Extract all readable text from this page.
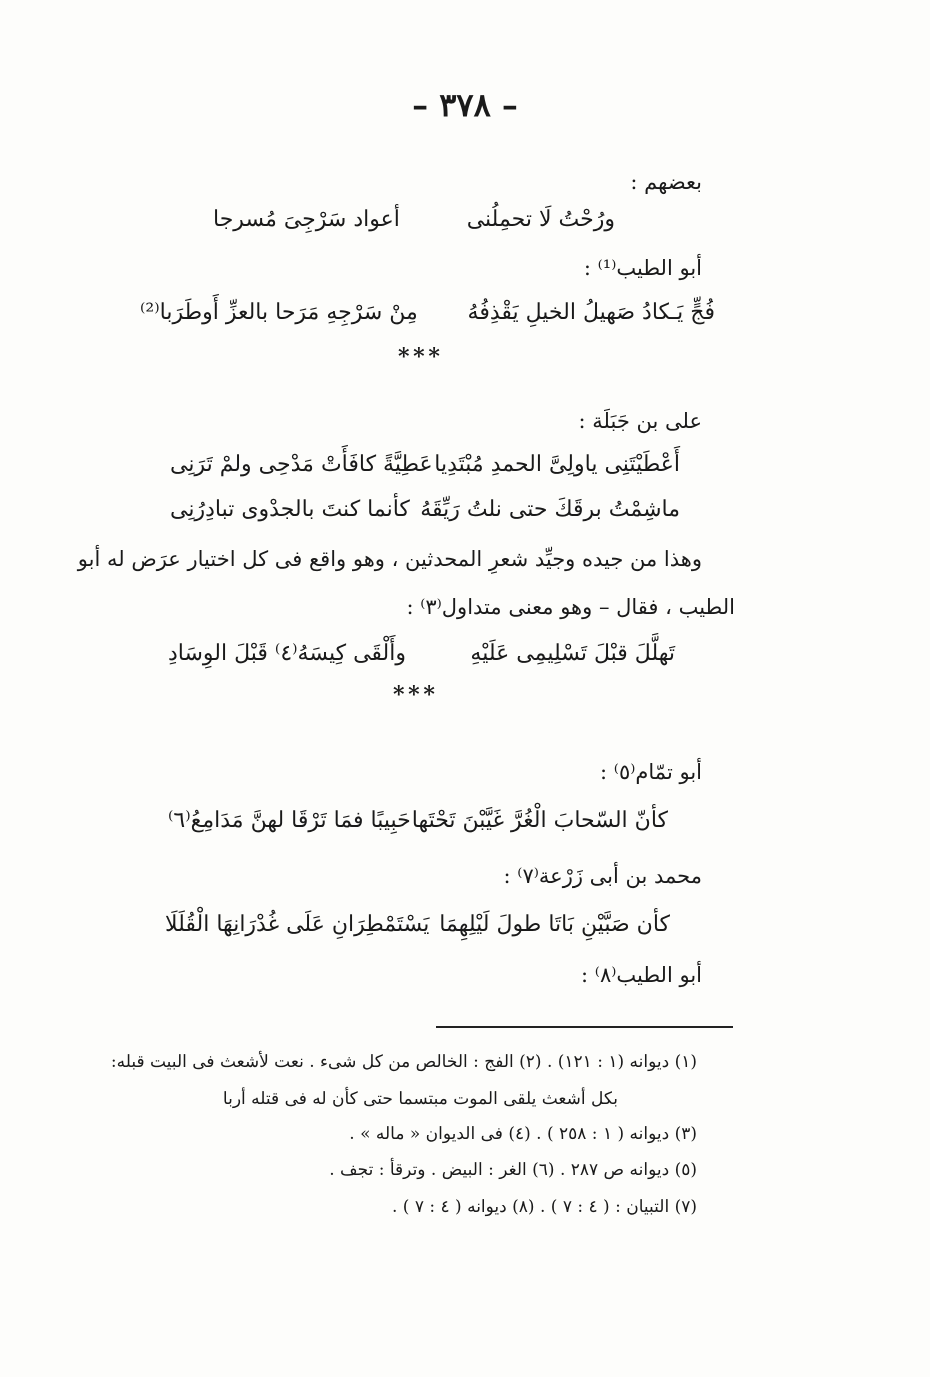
– ٣٧٨ –
بعضهم :
ورُحْتُ لَا تحمِلُنى
أعواد سَرْجِىَ مُسرجا
أبو الطيب⁽¹⁾ :
فُجٍّ يَـكادُ صَهيلُ الخيلِ يَقْذِفُهُ
مِنْ سَرْجِهِ مَرَحا بالعزِّ أَوطَرَبا⁽²⁾
* * *
على بن جَبَلَة :
أَعْطَيْتَنِى ياولِىَّ الحمدِ مُبْتَدِيا
عَطِيَّةً كافَأَتْ مَدْحِى ولمْ تَرَنِى
ماشِمْتُ برقَكَ حتى نلتُ رَيِّقَهُ
كأنما كنتَ بالجدْوى تبادِرُنِى
وهذا من جيده وجيِّد شعرِ المحدثين ، وهو واقع فى كل اختيار عرَض له أبو
الطيب ، فقال – وهو معنى متداول⁽٣⁾ :
تَهلَّلَ قبْلَ تَسْلِيمِى عَلَيْهِ
وأَلْقَى كِيسَهُ⁽٤⁾ قَبْلَ الوِسَادِ
* * *
أبو تمّام⁽٥⁾ :
كأنّ السّحابَ الْغُرَّ غَيَّبْنَ تَحْتَها
حَبِيبًا فمَا تَرْقَا لهنَّ مَدَامِعُ⁽٦⁾
محمد بن أبى زَرْعة⁽٧⁾ :
كأن صَبَّيْنِ بَاتَا طولَ لَيْلِهِمَا
يَسْتَمْطِرَانِ عَلَى غُدْرَانِهَا الْقُلَلَا
أبو الطيب⁽٨⁾ :
(١) ديوانه (١ : ١٢١) . (٢) الفج : الخالص من كل شىء . نعت لأشعث فى البيت قبله:
بكل أشعث يلقى الموت مبتسما حتى كأن له فى قتله أربا
(٣) ديوانه ( ١ : ٢٥٨ ) . (٤) فى الديوان « ماله » .
(٥) ديوانه ص ٢٨٧ . (٦) الغر : البيض . وترقأ : تجف .
(٧) التبيان : ( ٤ : ٧ ) . (٨) ديوانه ( ٤ : ٧ ) .
